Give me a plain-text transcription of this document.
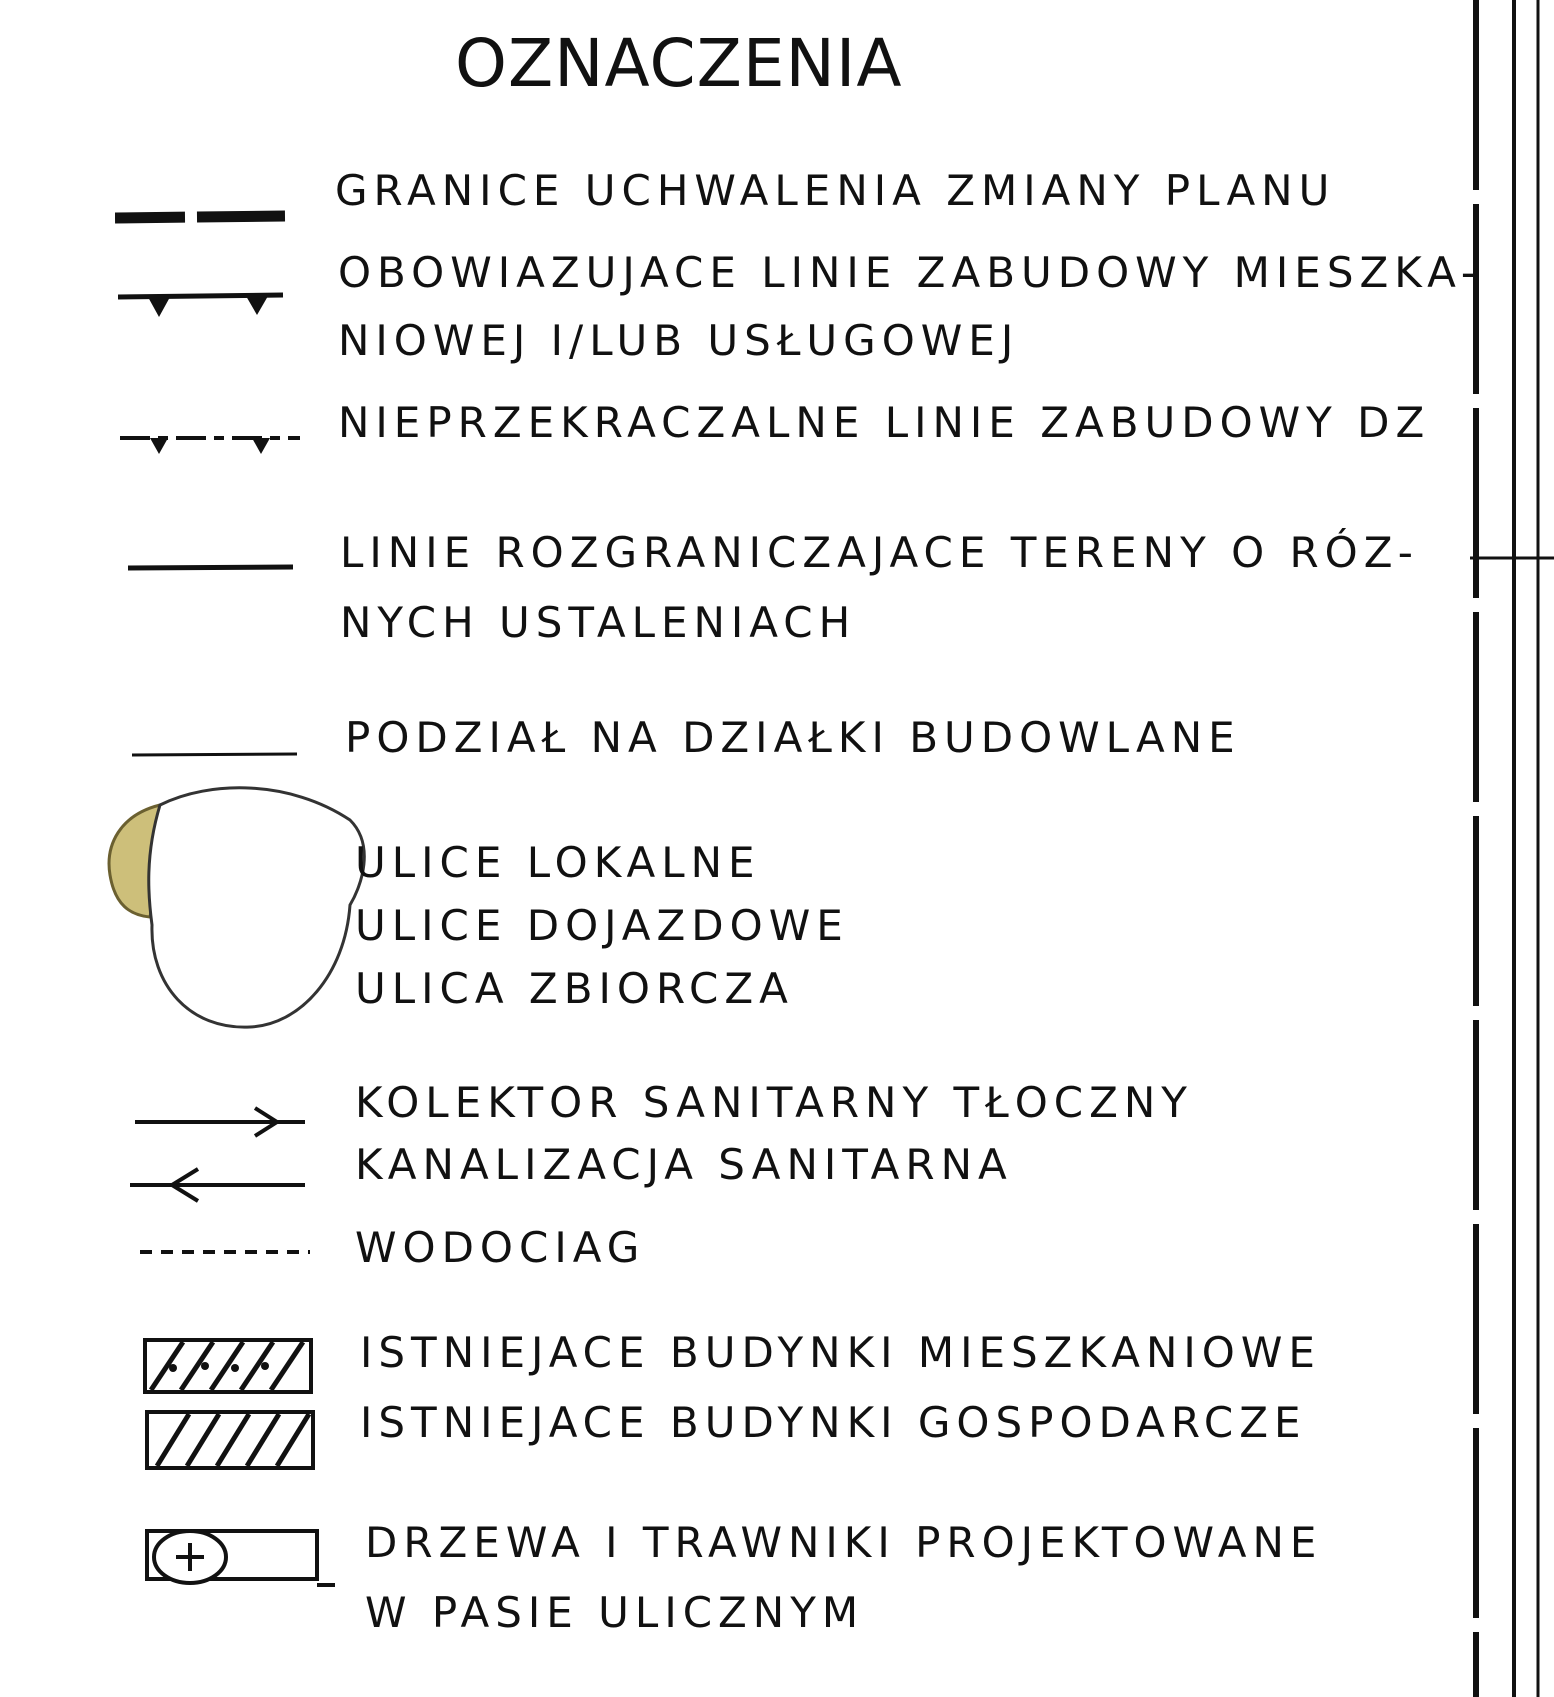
OZNACZENIA
GRANICE UCHWALENIA ZMIANY PLANU
OBOWIAZUJACE LINIE ZABUDOWY MIESZKA-
NIOWEJ I/LUB USŁUGOWEJ
NIEPRZEKRACZALNE LINIE ZABUDOWY DZ
LINIE ROZGRANICZAJACE TERENY O RÓZ-
NYCH USTALENIACH
PODZIAŁ NA DZIAŁKI BUDOWLANE
ULICE LOKALNE
ULICE DOJAZDOWE
ULICA ZBIORCZA
KOLEKTOR SANITARNY TŁOCZNY
KANALIZACJA SANITARNA
WODOCIAG
ISTNIEJACE BUDYNKI MIESZKANIOWE
ISTNIEJACE BUDYNKI GOSPODARCZE
DRZEWA I TRAWNIKI PROJEKTOWANE
W PASIE ULICZNYM
